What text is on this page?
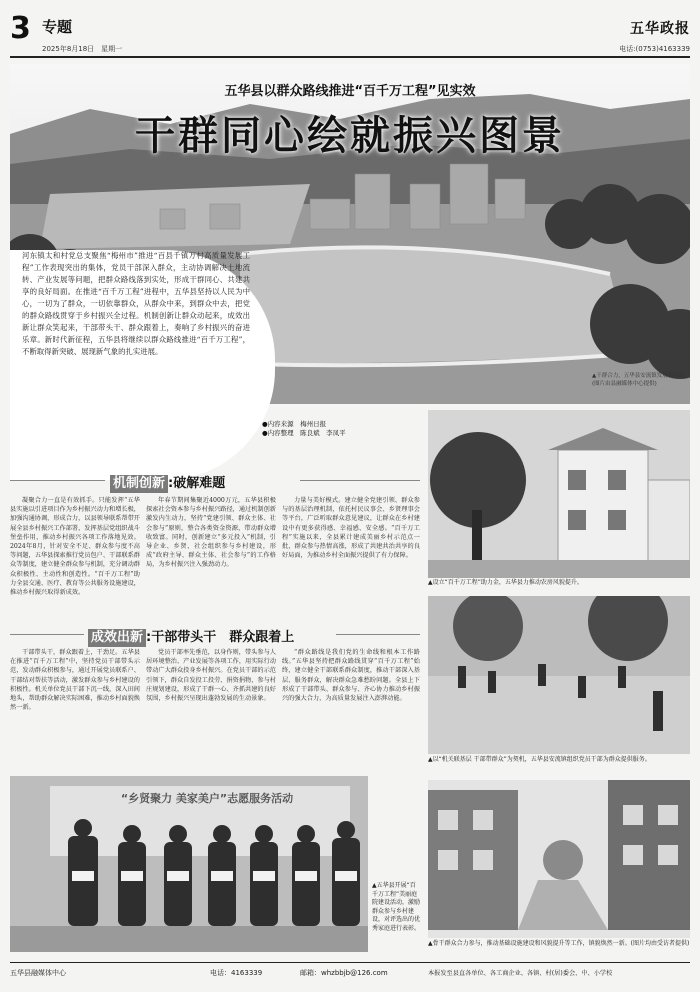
3 专题
2025年8月18日　星期一
五华政报
电话:(0753)4163339
五华县以群众路线推进“百千万工程”见实效
干群同心绘就振兴图景
河东镇太和村党总支聚焦“梅州市”推进“百县千镇万村高质量发展工程”工作表现突出的集体，党员干部深入群众，主动协调解决土地流转、产业发展等问题，把群众路线落到实处，形成干群同心、共建共享的良好局面。在推进“百千万工程”进程中，五华县坚持以人民为中心，一切为了群众，一切依靠群众，从群众中来，到群众中去，把党的群众路线贯穿于乡村振兴全过程。机制创新让群众动起来，成效出新让群众笑起来，干部带头干、群众跟着上，奏响了乡村振兴的奋进乐章。新时代新征程，五华县将继续以群众路线推进“百千万工程”，不断取得新突破、展现新气象的扎实进展。
▲干群合力，五华县安流镇发展新面貌。(图片由县融媒体中心提供)
●内容来源　梅州日报
●内容整理　陈良斌　李凤平
机制创新 :破解难题
凝聚合力一直是有效抓手。只能发挥“五华县实施以引进项目作为乡村振兴动力和增长极，加强沟通协调，形成合力，以县领导联系帮带开展全县乡村振兴工作部署，发挥基层党组织战斗堡垒作用，推动乡村振兴各项工作落地见效。2024年8月，针对安全不足、群众参与度不高等问题，五华县探索推行党员包户、干部联系群众等制度，建立健全群众参与机制，充分调动群众积极性、主动性和创造性。“百千万工程”助力全县交通、医疗、教育等公共服务设施建设，推动乡村振兴取得新成效。
年春节期间集聚近4000万元，五华县积极探索社会资本参与乡村振兴路径，通过机制创新激发内生动力，坚持“党建引领、群众主体、社会参与”原则，整合各类资金资源，带动群众增收致富。同时，创新建立“多元投入”机制，引导企业、乡贤、社会组织参与乡村建设，形成“政府主导、群众主体、社会参与”的工作格局，为乡村振兴注入强劲动力。
力量与美好模式。建立健全党建引领、群众参与的基层治理机制，依托村民议事会、乡贤理事会等平台，广泛听取群众意见建议，让群众在乡村建设中有更多获得感、幸福感、安全感。“百千万工程”实施以来，全县累计建成美丽乡村示范点一批，群众参与热情高涨，形成了共建共治共享的良好局面，为推动乡村全面振兴提供了有力保障。
成效出新 :干部带头干　群众跟着上
干部带头干，群众跟着上，干劲足。五华县在推进“百千万工程”中，坚持党员干部带头示范，发动群众积极参与，通过开展党员联系户、干部结对帮扶等活动，激发群众参与乡村建设的积极性。机关单位党员干部下沉一线，深入田间地头，帮助群众解决实际困难，推动乡村面貌焕然一新。
党员干部率先垂范，以身作则，带头参与人居环境整治、产业发展等各项工作，用实际行动带动广大群众投身乡村振兴。在党员干部的示范引领下，群众自发投工投劳、捐资捐物，参与村庄规划建设，形成了干群一心、齐抓共建的良好氛围，乡村振兴呈现出蓬勃发展的生动景象。
“群众路线是我们党的生命线和根本工作路线。”五华县坚持把群众路线贯穿“百千万工程”始终，建立健全干部联系群众制度，推动干部深入基层、服务群众，解决群众急难愁盼问题。全县上下形成了干部带头、群众参与、齐心协力推动乡村振兴的强大合力，为高质量发展注入澎湃动能。
“乡贤聚力 美家美户”志愿服务活动
▲五华县开展“百千万工程”美丽庭院建设活动，激励群众参与乡村建设，对评选出的优秀家庭进行表彰。
▲设立“百千万工程”助力金，五华县力推动农房风貌提升。
▲以“机关联基层 干部带群众”为契机，五华县安流镇组织党员干部为群众提供服务。
▲骨干群众合力参与，推动基础设施建设和风貌提升等工作，镇貌焕然一新。(图片均由受访者提供)
五华县融媒体中心	电话：4163339	邮箱：whzbbjb@126.com	本报发至县直各单位、各工商企业、各镇、村(居)委会、中、小学校
